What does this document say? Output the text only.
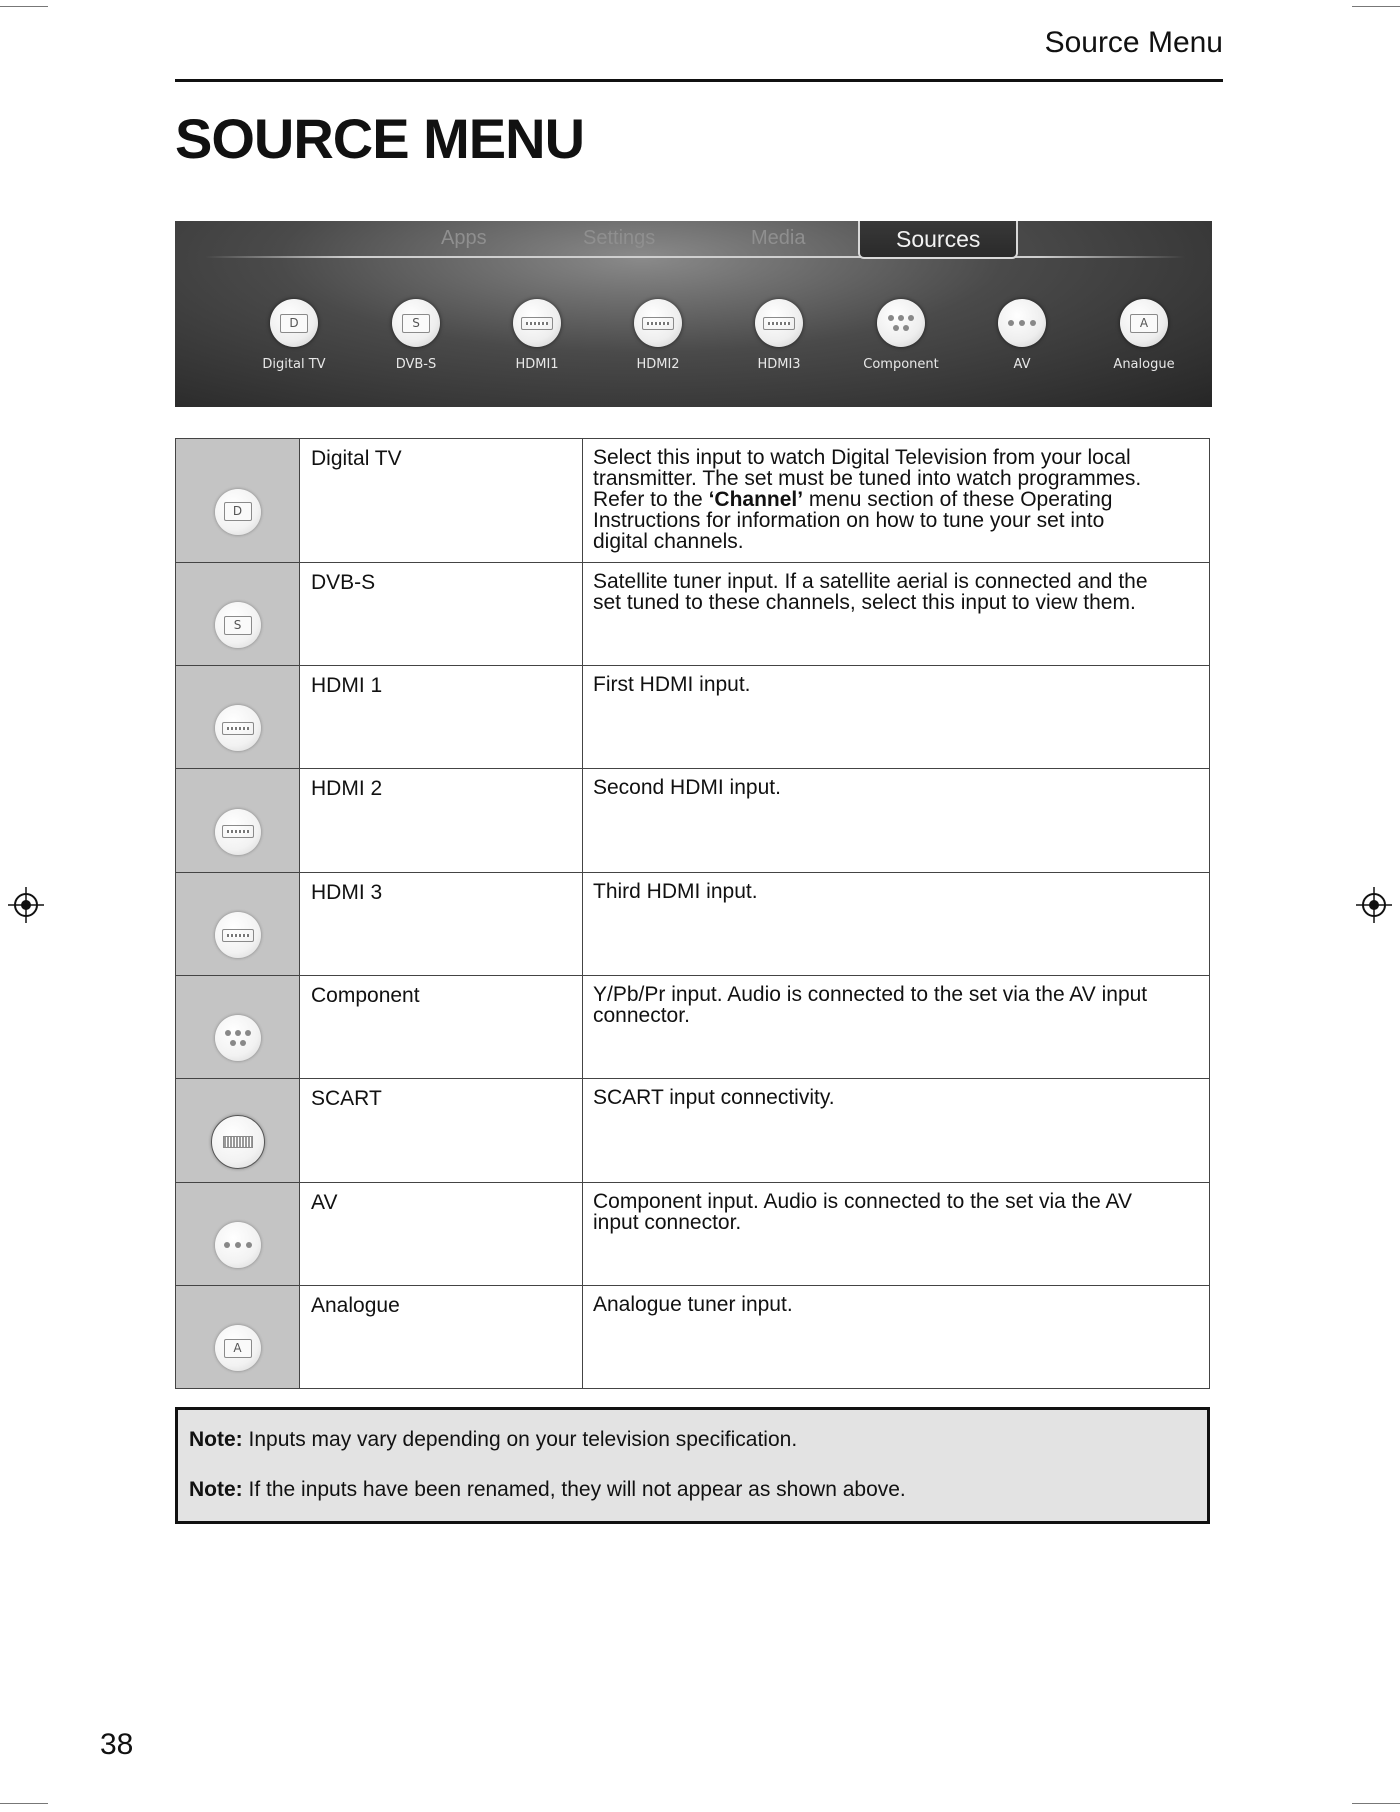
Source Menu
SOURCE MENU
Apps	Settings	Media	Sources
D
Digital TV
S
DVB-S	HDMI1	HDMI2	HDMI3	Component	AV
A
Analogue
D	Digital TV	Select this input to watch Digital Television from your local
transmitter. The set must be tuned into watch programmes.
Refer to the ‘Channel’ menu section of these Operating
Instructions for information on how to tune your set into
digital channels.

S	DVB-S	Satellite tuner input. If a satellite aerial is connected and the
set tuned to these channels, select this input to view them.

	HDMI 1	First HDMI input.

	HDMI 2	Second HDMI input.

	HDMI 3	Third HDMI input.

	Component	Y/Pb/Pr input. Audio is connected to the set via the AV input
connector.

	SCART	SCART input connectivity.

	AV	Component input. Audio is connected to the set via the AV
input connector.

A	Analogue	Analogue tuner input.
Note: Inputs may vary depending on your television specification.
Note: If the inputs have been renamed, they will not appear as shown above.
38
